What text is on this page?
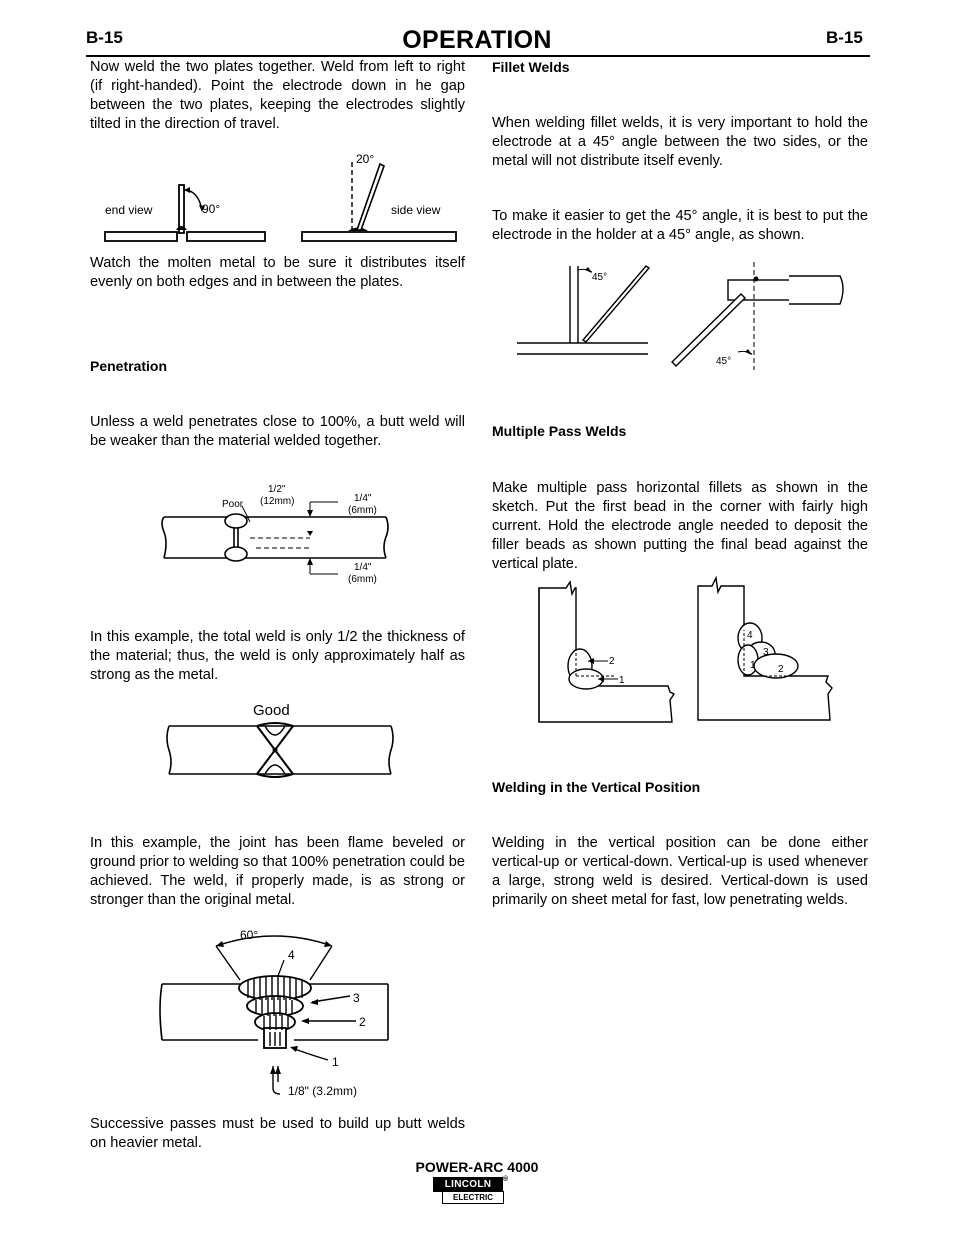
B-15	OPERATION	B-15

Now weld the two plates together. Weld from left to right (if right-handed). Point the electrode down in he gap between the two plates, keeping the electrodes slightly tilted in the direction of travel.

end view	90°
20°
side view

Watch the molten metal to be sure it distributes itself evenly on both edges and in between the plates.

Penetration

Unless a weld penetrates close to 100%, a butt weld will be weaker than the material welded together.

Poor
1/2"
(12mm)	1/4"
(6mm)
1/4"
(6mm)

In this example, the total weld is only 1/2 the thickness of the material; thus, the weld is only approximately half as strong as the metal.

Good

In this example, the joint has been flame beveled or ground prior to welding so that 100% penetration could be achieved. The weld, if properly made, is as strong or stronger than the original metal.

60°
4
3
2
1
1/8" (3.2mm)

Successive passes must be used to build up butt welds on heavier metal.

Fillet Welds

When welding fillet welds, it is very important to hold the electrode at a 45° angle between the two sides, or the metal will not distribute itself evenly.

To make it easier to get the 45° angle, it is best to put the electrode in the holder at a 45° angle, as shown.

45°
45°

Multiple Pass Welds

Make multiple pass horizontal fillets as shown in the sketch. Put the first bead in the corner with fairly high current. Hold the electrode angle needed to deposit the filler beads as shown putting the final bead against the vertical plate.

2
1
4
3
1 2

Welding in the Vertical Position

Welding in the vertical position can be done either vertical-up or vertical-down. Vertical-up is used whenever a large, strong weld is desired. Vertical-down is used primarily on sheet metal for fast, low penetrating welds.

POWER-ARC 4000
LINCOLN	®
ELECTRIC
